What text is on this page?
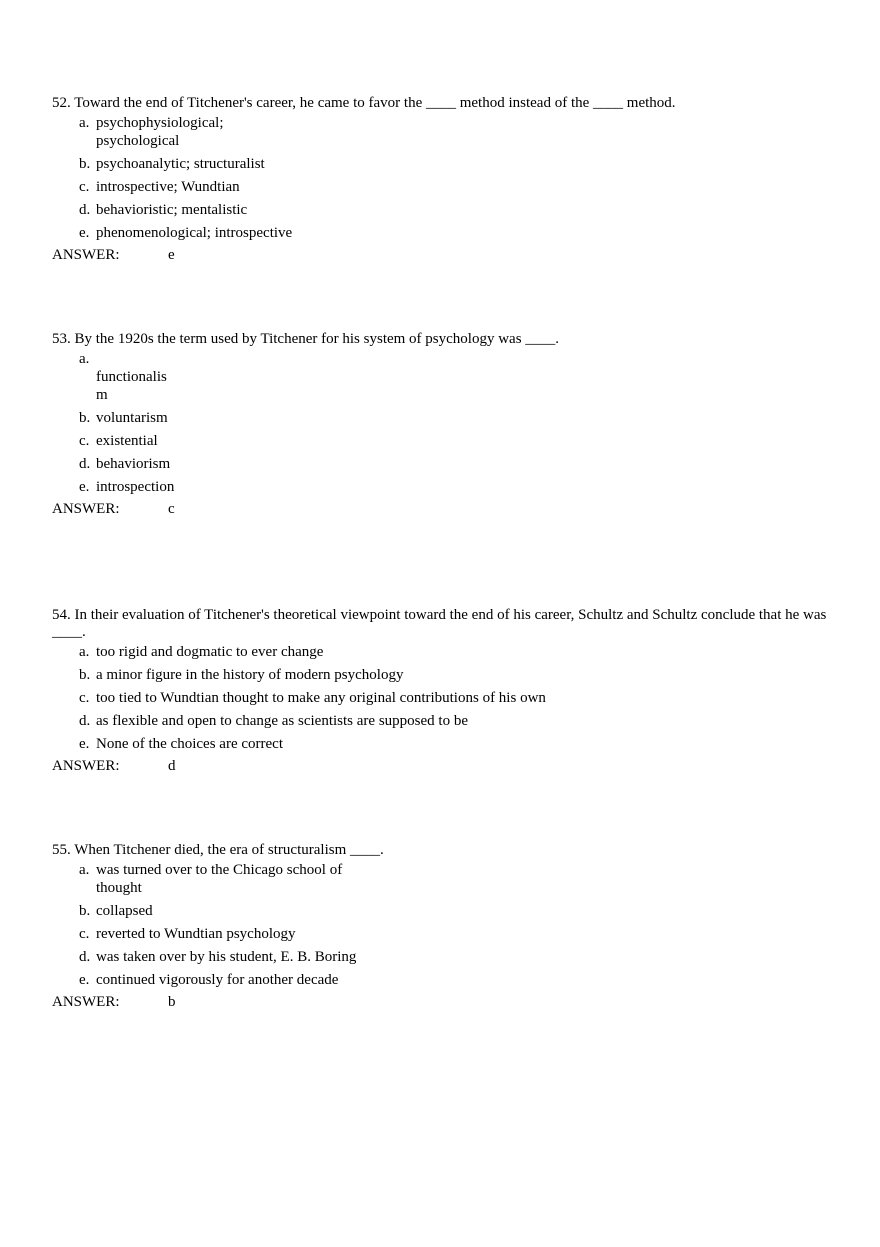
52. Toward the end of Titchener's career, he came to favor the ____ method instead of the ____ method.

a. psychophysiological; psychological
b. psychoanalytic; structuralist
c. introspective; Wundtian
d. behavioristic; mentalistic
e. phenomenological; introspective
ANSWER:	e

53. By the 1920s the term used by Titchener for his system of psychology was ____.

a.
functionalism
b. voluntarism
c. existential
d. behaviorism
e. introspection
ANSWER:	c

54. In their evaluation of Titchener's theoretical viewpoint toward the end of his career, Schultz and Schultz conclude that he was ____.

a. too rigid and dogmatic to ever change
b. a minor figure in the history of modern psychology
c. too tied to Wundtian thought to make any original contributions of his own
d. as flexible and open to change as scientists are supposed to be
e. None of the choices are correct
ANSWER:	d

55. When Titchener died, the era of structuralism ____.

a. was turned over to the Chicago school of thought
b. collapsed
c. reverted to Wundtian psychology
d. was taken over by his student, E. B. Boring
e. continued vigorously for another decade
ANSWER:	b
